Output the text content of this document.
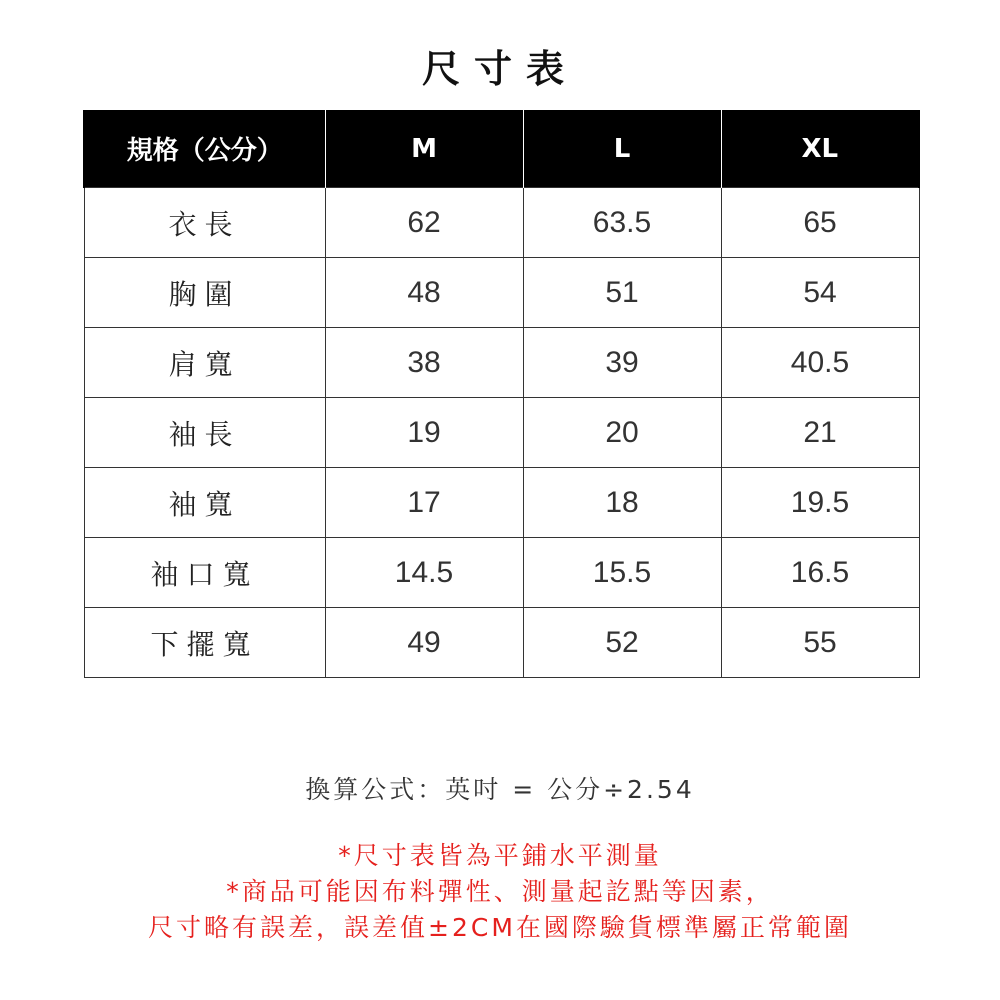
尺寸表
規格（公分）	M	L	XL
衣長	62	63.5	65
胸圍	48	51	54
肩寬	38	39	40.5
袖長	19	20	21
袖寬	17	18	19.5
袖口寬	14.5	15.5	16.5
下擺寬	49	52	55
換算公式：英吋 = 公分÷2.54
*尺寸表皆為平鋪水平測量
*商品可能因布料彈性、測量起訖點等因素，
尺寸略有誤差，誤差值±2CM在國際驗貨標準屬正常範圍
